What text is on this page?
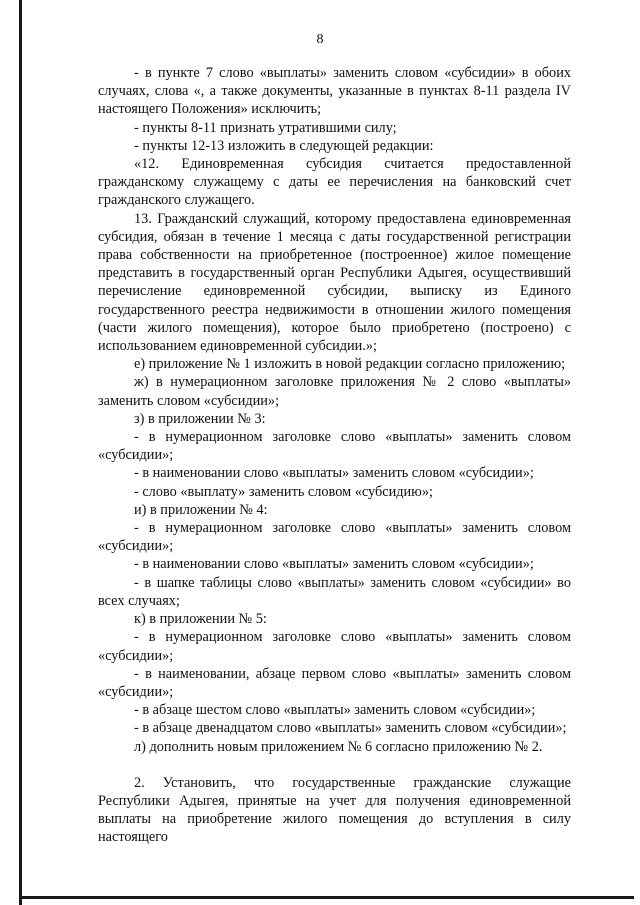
8

- в пункте 7 слово «выплаты» заменить словом «субсидии» в обоих случаях, слова «, а также документы, указанные в пунктах 8-11 раздела IV настоящего Положения» исключить;

- пункты 8-11 признать утратившими силу;

- пункты 12-13 изложить в следующей редакции:

«12. Единовременная субсидия считается предоставленной гражданскому служащему с даты ее перечисления на банковский счет гражданского служащего.

13. Гражданский служащий, которому предоставлена единовременная субсидия, обязан в течение 1 месяца с даты государственной регистрации права собственности на приобретенное (построенное) жилое помещение представить в государственный орган Республики Адыгея, осуществивший перечисление единовременной субсидии, выписку из Единого государственного реестра недвижимости в отношении жилого помещения (части жилого помещения), которое было приобретено (построено) с использованием единовременной субсидии.»;

е) приложение № 1 изложить в новой редакции согласно приложению;

ж) в нумерационном заголовке приложения № 2 слово «выплаты» заменить словом «субсидии»;

з) в приложении № 3:

- в нумерационном заголовке слово «выплаты» заменить словом «субсидии»;

- в наименовании слово «выплаты» заменить словом «субсидии»;

- слово «выплату» заменить словом «субсидию»;

и) в приложении № 4:

- в нумерационном заголовке слово «выплаты» заменить словом «субсидии»;

- в наименовании слово «выплаты» заменить словом «субсидии»;

- в шапке таблицы слово «выплаты» заменить словом «субсидии» во всех случаях;

к) в приложении № 5:

- в нумерационном заголовке слово «выплаты» заменить словом «субсидии»;

- в наименовании, абзаце первом слово «выплаты» заменить словом «субсидии»;

- в абзаце шестом слово «выплаты» заменить словом «субсидии»;

- в абзаце двенадцатом слово «выплаты» заменить словом «субсидии»;

л) дополнить новым приложением № 6 согласно приложению № 2.

2. Установить, что государственные гражданские служащие Республики Адыгея, принятые на учет для получения единовременной выплаты на приобретение жилого помещения до вступления в силу настоящего
